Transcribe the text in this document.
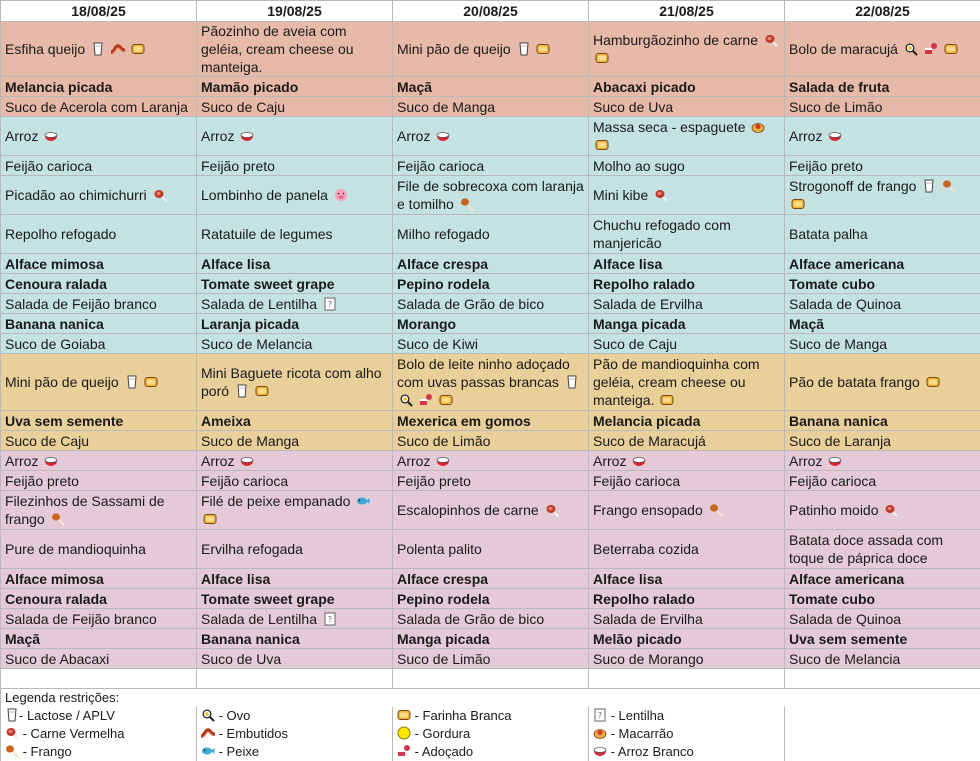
18/08/25	19/08/25	20/08/25	21/08/25	22/08/25
Esfiha queijo	Pãozinho de aveia com geléia, cream cheese ou manteiga.	Mini pão de queijo	Hamburgãozinho de carne	Bolo de maracujá

Melancia picada	Mamão picado	Maçã	Abacaxi picado	Salada de fruta
Suco de Acerola com Laranja	Suco de Caju	Suco de Manga	Suco de Uva	Suco de Limão
Arroz	Arroz	Arroz	Massa seca - espaguete	Arroz

Feijão carioca	Feijão preto	Feijão carioca	Molho ao sugo	Feijão preto
Picadão ao chimichurri	Lombinho de panela	File de sobrecoxa com laranja e tomilho	Mini kibe	Strogonoff de frango

Repolho refogado	Ratatuile de legumes	Milho refogado	Chuchu refogado com manjericão	Batata palha
Alface mimosa	Alface lisa	Alface crespa	Alface lisa	Alface americana
Cenoura ralada	Tomate sweet grape	Pepino rodela	Repolho ralado	Tomate cubo
Salada de Feijão branco	Salada de Lentilha ?	Salada de Grão de bico	Salada de Ervilha	Salada de Quinoa
Banana nanica	Laranja picada	Morango	Manga picada	Maçã
Suco de Goiaba	Suco de Melancia	Suco de Kiwi	Suco de Caju	Suco de Manga
Mini pão de queijo	Mini Baguete ricota com alho poró	Bolo de leite ninho adoçado com uvas passas brancas	Pão de mandioquinha com geléia, cream cheese ou manteiga.	Pão de batata frango

Uva sem semente	Ameixa	Mexerica em gomos	Melancia picada	Banana nanica
Suco de Caju	Suco de Manga	Suco de Limão	Suco de Maracujá	Suco de Laranja
Arroz	Arroz	Arroz	Arroz	Arroz

Feijão preto	Feijão carioca	Feijão preto	Feijão carioca	Feijão carioca
Filezinhos de Sassami de frango	Filé de peixe empanado	Escalopinhos de carne	Frango ensopado	Patinho moido

Pure de mandioquinha	Ervilha refogada	Polenta palito	Beterraba cozida	Batata doce assada com toque de páprica doce
Alface mimosa	Alface lisa	Alface crespa	Alface lisa	Alface americana
Cenoura ralada	Tomate sweet grape	Pepino rodela	Repolho ralado	Tomate cubo
Salada de Feijão branco	Salada de Lentilha ?	Salada de Grão de bico	Salada de Ervilha	Salada de Quinoa
Maçã	Banana nanica	Manga picada	Melão picado	Uva sem semente
Suco de Abacaxi	Suco de Uva	Suco de Limão	Suco de Morango	Suco de Melancia

Legenda restrições:				

- Lactose / APLV	- Ovo	- Farinha Branca	? - Lentilha	

- Carne Vermelha	- Embutidos	- Gordura	- Macarrão	

- Frango	- Peixe	- Adoçado	- Arroz Branco	
